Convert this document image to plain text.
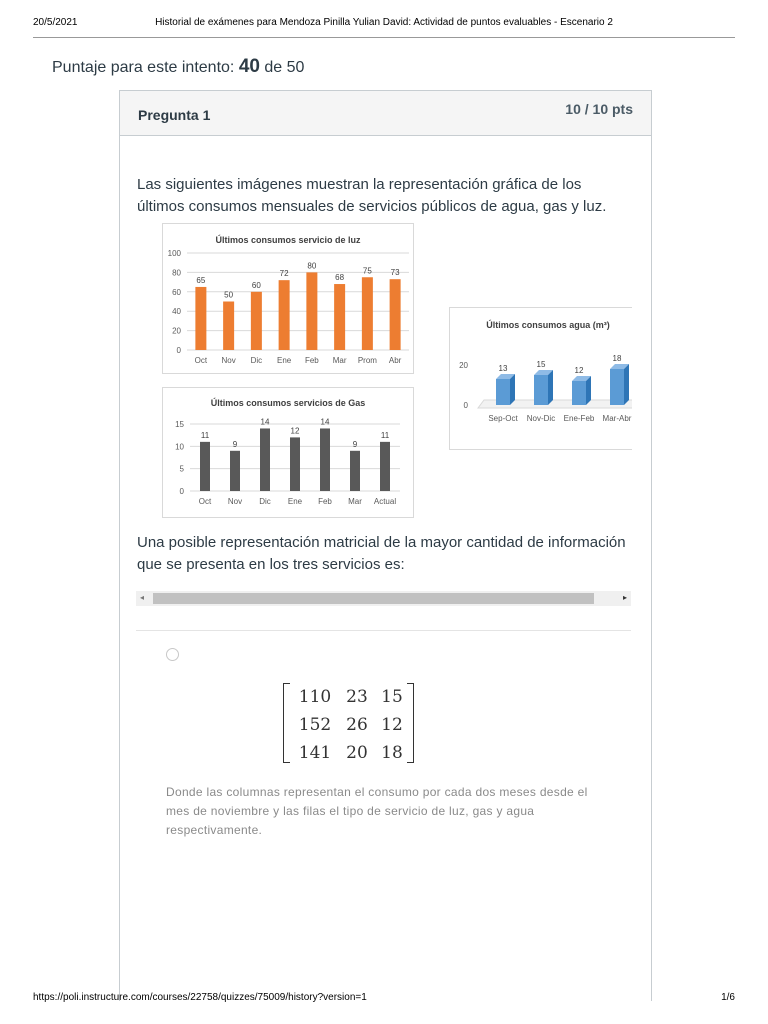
20/5/2021	Historial de exámenes para Mendoza Pinilla Yulian David: Actividad de puntos evaluables - Escenario 2
Puntaje para este intento: 40 de 50
Pregunta 1	10 / 10 pts
Las siguientes imágenes muestran la representación gráfica de los
últimos consumos mensuales de servicios públicos de agua, gas y luz.
Últimos consumos servicio de luz
0
20
40
60
80
100
65
Oct
50
Nov
60
Dic
72
Ene
80
Feb
68
Mar
75
Prom
73
Abr
Últimos consumos servicios de Gas
0
5
10
15
11
Oct
9
Nov
14
Dic
12
Ene
14
Feb
9
Mar
11
Actual
Últimos consumos agua (m³)
0
20	13
Sep-Oct
15
Nov-Dic
12
Ene-Feb
18
Mar-Abr
Una posible representación matricial de la mayor cantidad de información
que se presenta en los tres servicios es:
◂	▸
110	23	15
152	26	12
141	20	18
Donde las columnas representan el consumo por cada dos meses desde el mes de noviembre y las filas el tipo de servicio de luz, gas y agua respectivamente.
https://poli.instructure.com/courses/22758/quizzes/75009/history?version=1	1/6
